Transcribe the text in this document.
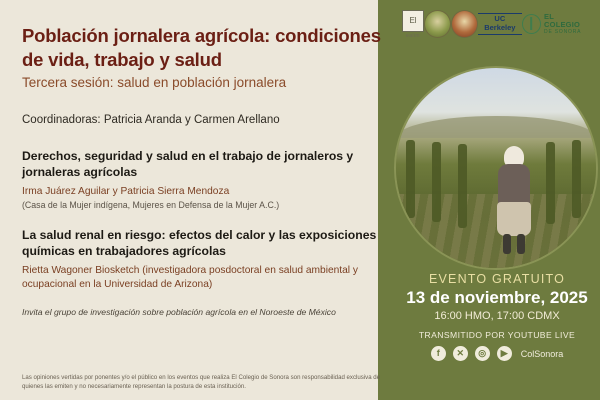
El
ealim
UC Berkeley
EL COLEGIO
DE SONORA
Población jornalera agrícola: condiciones de vida, trabajo y salud
Tercera sesión: salud en población jornalera
Coordinadoras: Patricia Aranda y Carmen Arellano
Derechos, seguridad y salud en el trabajo de jornaleros y jornaleras agrícolas
Irma Juárez Aguilar y Patricia Sierra Mendoza
(Casa de la Mujer indígena, Mujeres en Defensa de la Mujer A.C.)
La salud renal en riesgo: efectos del calor y las exposiciones químicas en trabajadores agrícolas
Rietta Wagoner Biosketch (investigadora posdoctoral en salud ambiental y ocupacional en la Universidad de Arizona)
Invita el grupo de investigación sobre población agrícola en el Noroeste de México
Las opiniones vertidas por ponentes y/o el público en los eventos que realiza El Colegio de Sonora son responsabilidad exclusiva de quienes las emiten y no necesariamente representan la postura de esta institución.
EVENTO GRATUITO
13 de noviembre, 2025
16:00 HMO, 17:00 CDMX
TRANSMITIDO POR YOUTUBE LIVE
f	✕	◎	▶	ColSonora
